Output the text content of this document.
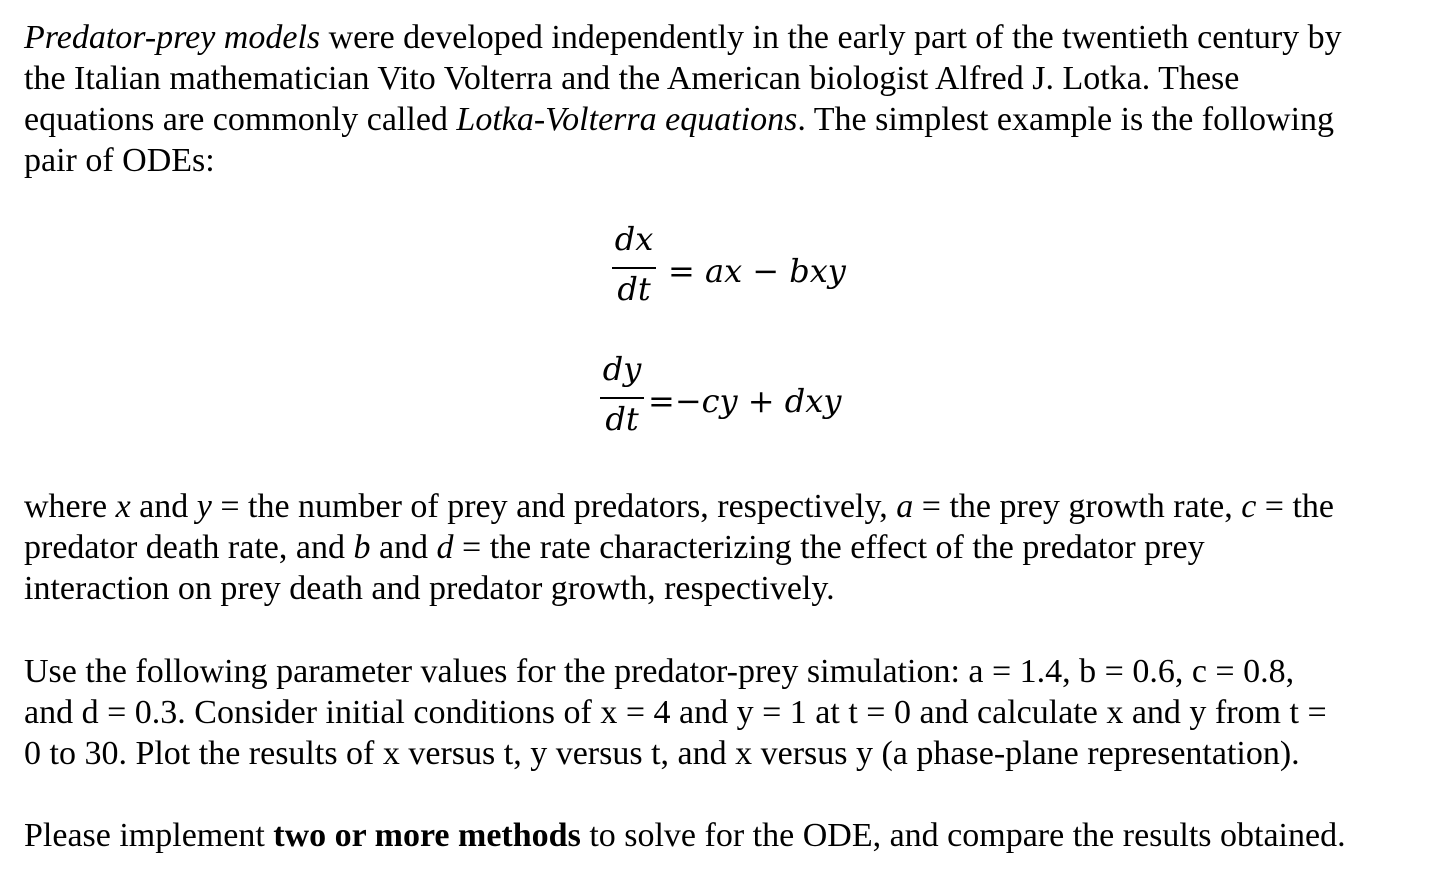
Predator-prey models were developed independently in the early part of the twentieth century by
the Italian mathematician Vito Volterra and the American biologist Alfred J. Lotka. These
equations are commonly called Lotka-Volterra equations. The simplest example is the following
pair of ODEs:
dx
dt = ax − bxy
dy
dt =−cy + dxy
where x and y = the number of prey and predators, respectively, a = the prey growth rate, c = the
predator death rate, and b and d = the rate characterizing the effect of the predator prey
interaction on prey death and predator growth, respectively.
Use the following parameter values for the predator-prey simulation: a = 1.4, b = 0.6, c = 0.8,
and d = 0.3. Consider initial conditions of x = 4 and y = 1 at t = 0 and calculate x and y from t =
0 to 30. Plot the results of x versus t, y versus t, and x versus y (a phase-plane representation).
Please implement two or more methods to solve for the ODE, and compare the results obtained.
